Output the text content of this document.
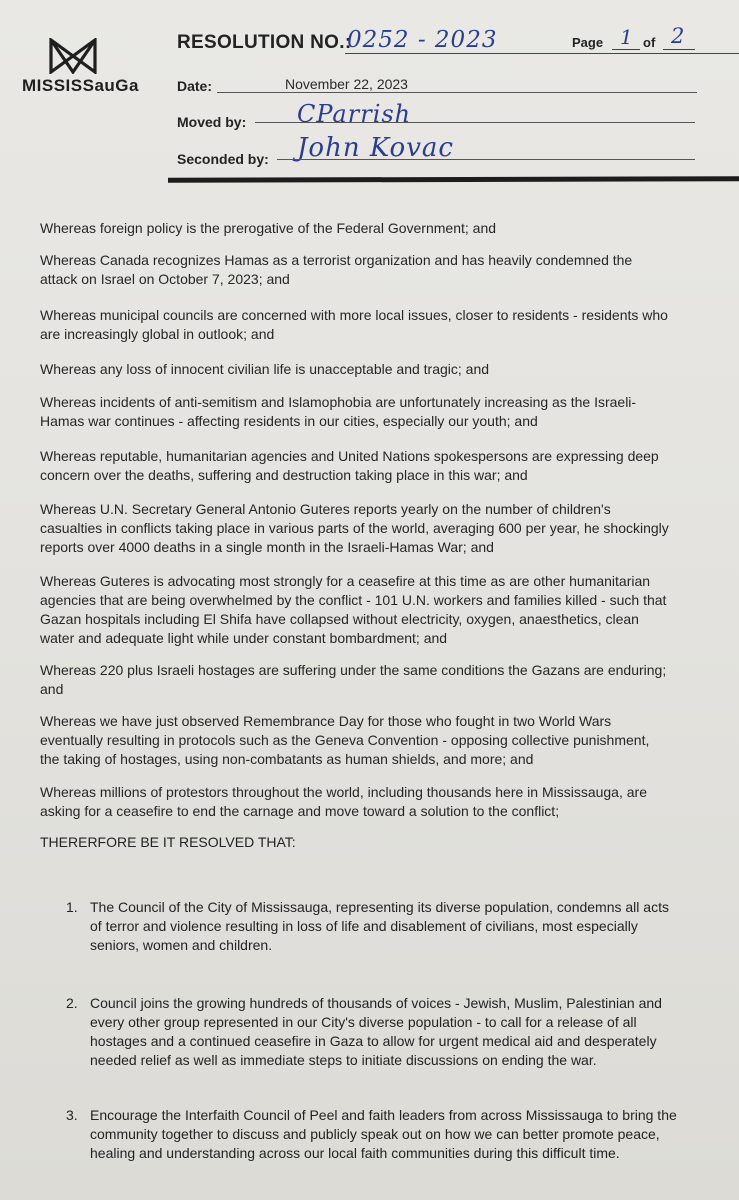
MISSISSauGa
RESOLUTION NO.:
0252 - 2023	Page 1 of 2
Date:	November 22, 2023
Moved by: CParrish
Seconded by: John Kovac
Whereas foreign policy is the prerogative of the Federal Government; and
Whereas Canada recognizes Hamas as a terrorist organization and has heavily condemned the attack on Israel on October 7, 2023; and
Whereas municipal councils are concerned with more local issues, closer to residents - residents who are increasingly global in outlook; and
Whereas any loss of innocent civilian life is unacceptable and tragic; and
Whereas incidents of anti-semitism and Islamophobia are unfortunately increasing as the Israeli-Hamas war continues - affecting residents in our cities, especially our youth; and
Whereas reputable, humanitarian agencies and United Nations spokespersons are expressing deep concern over the deaths, suffering and destruction taking place in this war; and
Whereas U.N. Secretary General Antonio Guteres reports yearly on the number of children's casualties in conflicts taking place in various parts of the world, averaging 600 per year, he shockingly reports over 4000 deaths in a single month in the Israeli-Hamas War; and
Whereas Guteres is advocating most strongly for a ceasefire at this time as are other humanitarian agencies that are being overwhelmed by the conflict - 101 U.N. workers and families killed - such that Gazan hospitals including El Shifa have collapsed without electricity, oxygen, anaesthetics, clean water and adequate light while under constant bombardment; and
Whereas 220 plus Israeli hostages are suffering under the same conditions the Gazans are enduring; and
Whereas we have just observed Remembrance Day for those who fought in two World Wars eventually resulting in protocols such as the Geneva Convention - opposing collective punishment, the taking of hostages, using non-combatants as human shields, and more; and
Whereas millions of protestors throughout the world, including thousands here in Mississauga, are asking for a ceasefire to end the carnage and move toward a solution to the conflict;
THERERFORE BE IT RESOLVED THAT:
1. The Council of the City of Mississauga, representing its diverse population, condemns all acts of terror and violence resulting in loss of life and disablement of civilians, most especially seniors, women and children.
2. Council joins the growing hundreds of thousands of voices - Jewish, Muslim, Palestinian and every other group represented in our City's diverse population - to call for a release of all hostages and a continued ceasefire in Gaza to allow for urgent medical aid and desperately needed relief as well as immediate steps to initiate discussions on ending the war.
3. Encourage the Interfaith Council of Peel and faith leaders from across Mississauga to bring the community together to discuss and publicly speak out on how we can better promote peace, healing and understanding across our local faith communities during this difficult time.
